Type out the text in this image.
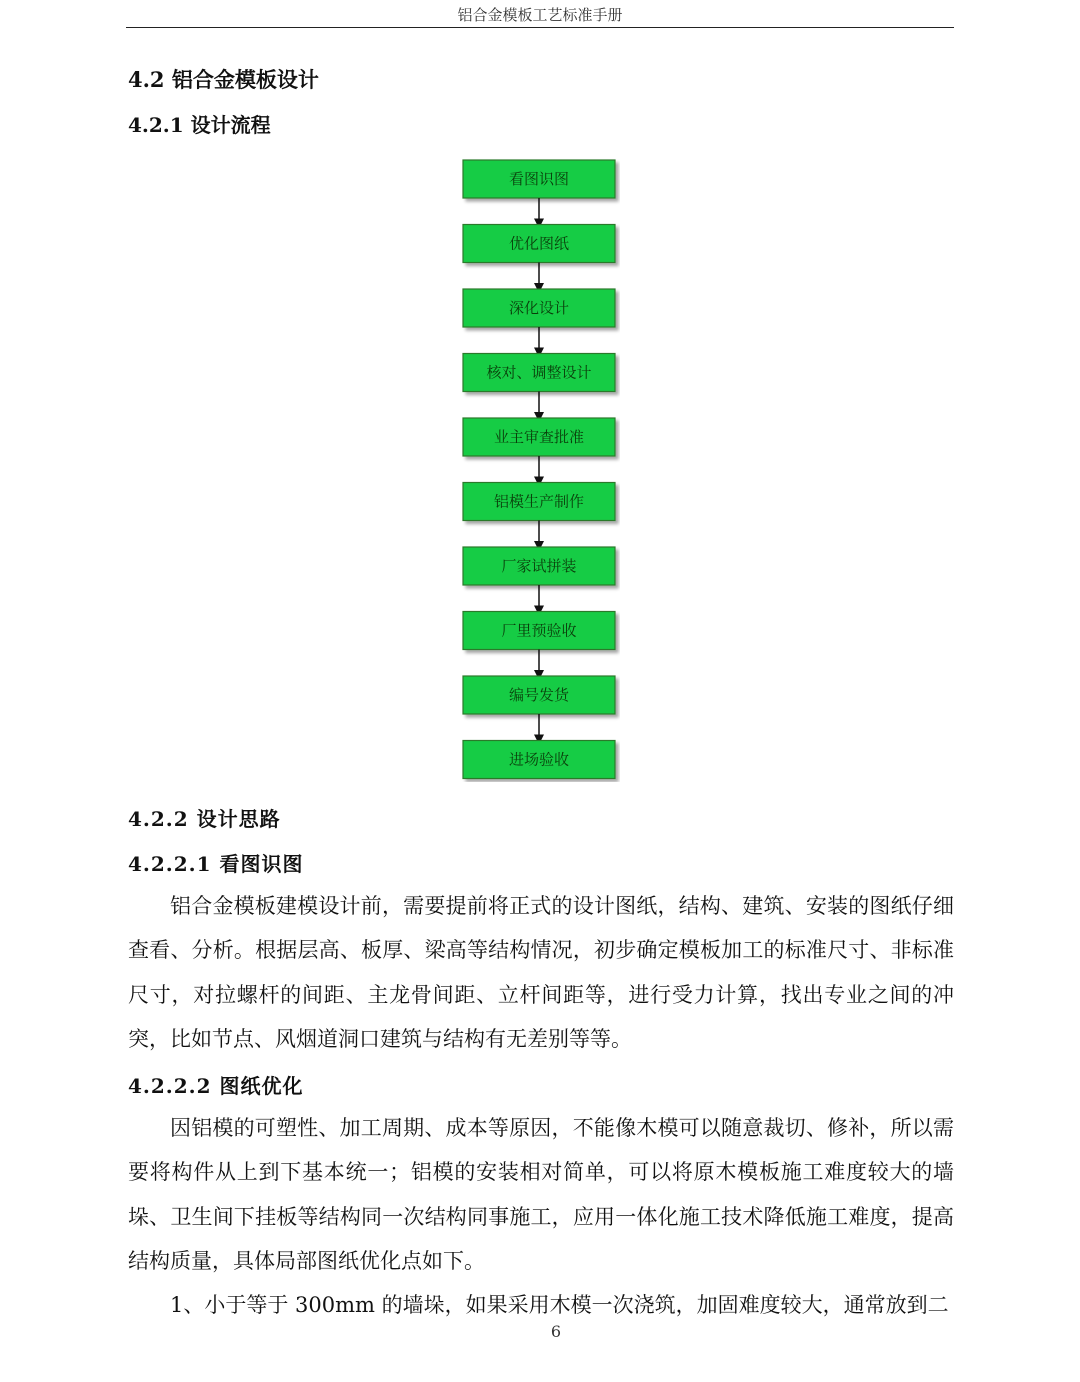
铝合金模板工艺标准手册
4.2 铝合金模板设计
4.2.1 设计流程
看图识图
优化图纸
深化设计
核对、调整设计
业主审查批准
铝模生产制作
厂家试拼装
厂里预验收
编号发货
进场验收
4.2.2 设计思路
4.2.2.1 看图识图

铝合金模板建模设计前，需要提前将正式的设计图纸，结构、建筑、安装的图纸仔细查看、分析。根据层高、板厚、梁高等结构情况，初步确定模板加工的标准尺寸、非标准尺寸，对拉螺杆的间距、主龙骨间距、立杆间距等，进行受力计算，找出专业之间的冲突，比如节点、风烟道洞口建筑与结构有无差别等等。

4.2.2.2 图纸优化

因铝模的可塑性、加工周期、成本等原因，不能像木模可以随意裁切、修补，所以需要将构件从上到下基本统一；铝模的安装相对简单，可以将原木模板施工难度较大的墙垛、卫生间下挂板等结构同一次结构同事施工，应用一体化施工技术降低施工难度，提高结构质量，具体局部图纸优化点如下。

1、小于等于 300mm 的墙垛，如果采用木模一次浇筑，加固难度较大，通常放到二

6
